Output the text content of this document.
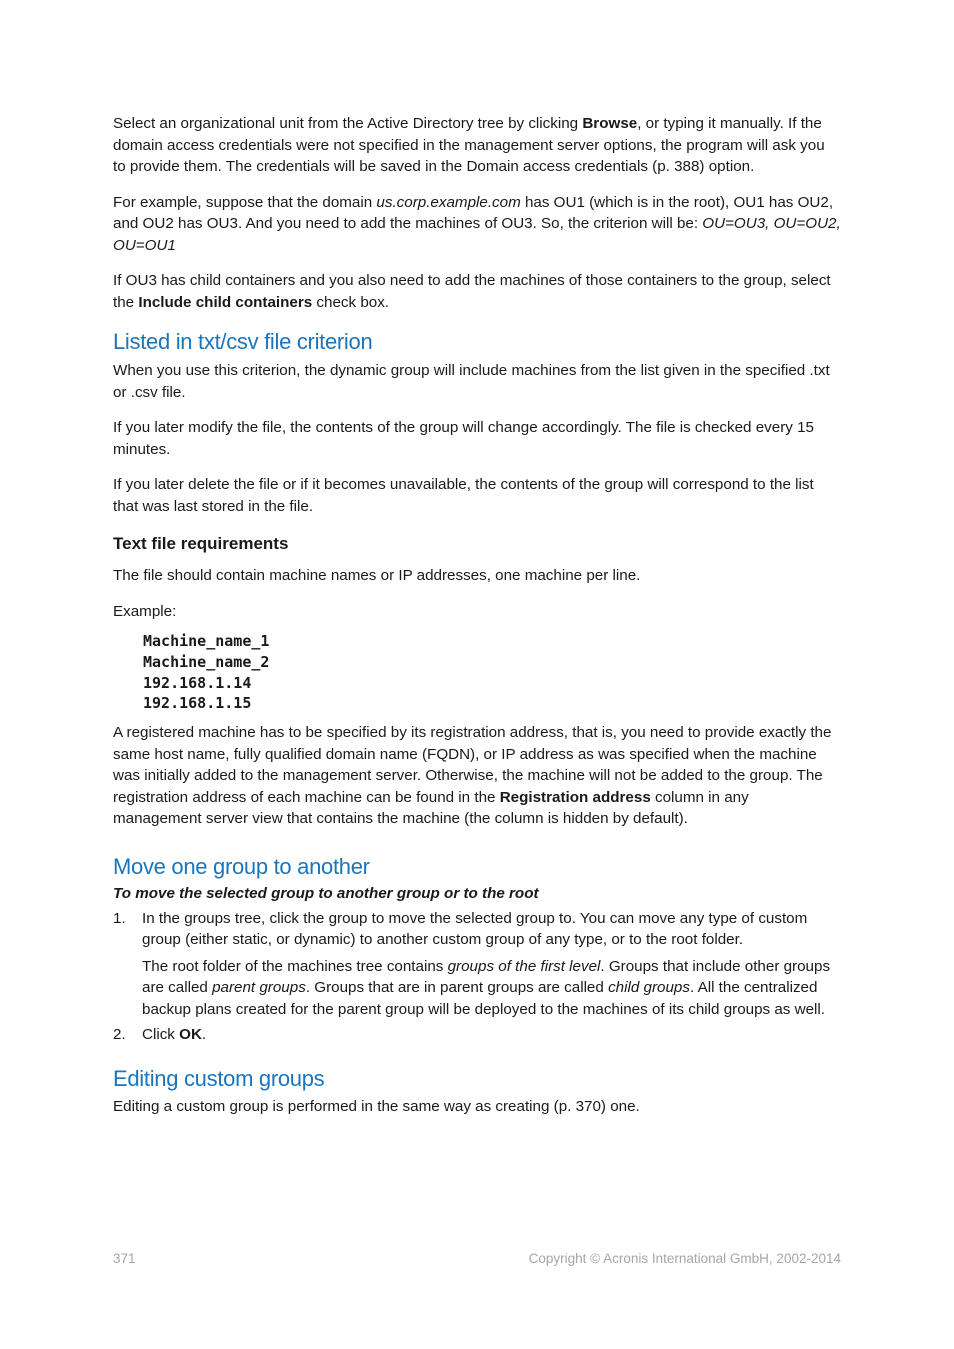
Select an organizational unit from the Active Directory tree by clicking Browse, or typing it manually. If the domain access credentials were not specified in the management server options, the program will ask you to provide them. The credentials will be saved in the Domain access credentials (p. 388) option.

For example, suppose that the domain us.corp.example.com has OU1 (which is in the root), OU1 has OU2, and OU2 has OU3. And you need to add the machines of OU3. So, the criterion will be: OU=OU3, OU=OU2, OU=OU1

If OU3 has child containers and you also need to add the machines of those containers to the group, select the Include child containers check box.

Listed in txt/csv file criterion

When you use this criterion, the dynamic group will include machines from the list given in the specified .txt or .csv file.

If you later modify the file, the contents of the group will change accordingly. The file is checked every 15 minutes.

If you later delete the file or if it becomes unavailable, the contents of the group will correspond to the list that was last stored in the file.

Text file requirements

The file should contain machine names or IP addresses, one machine per line.

Example:

Machine_name_1
Machine_name_2
192.168.1.14
192.168.1.15

A registered machine has to be specified by its registration address, that is, you need to provide exactly the same host name, fully qualified domain name (FQDN), or IP address as was specified when the machine was initially added to the management server. Otherwise, the machine will not be added to the group. The registration address of each machine can be found in the Registration address column in any management server view that contains the machine (the column is hidden by default).

Move one group to another

To move the selected group to another group or to the root

1. In the groups tree, click the group to move the selected group to. You can move any type of custom group (either static, or dynamic) to another custom group of any type, or to the root folder.
The root folder of the machines tree contains groups of the first level. Groups that include other groups are called parent groups. Groups that are in parent groups are called child groups. All the centralized backup plans created for the parent group will be deployed to the machines of its child groups as well.
2. Click OK.
Editing custom groups

Editing a custom group is performed in the same way as creating (p. 370) one.

371	Copyright © Acronis International GmbH, 2002-2014
